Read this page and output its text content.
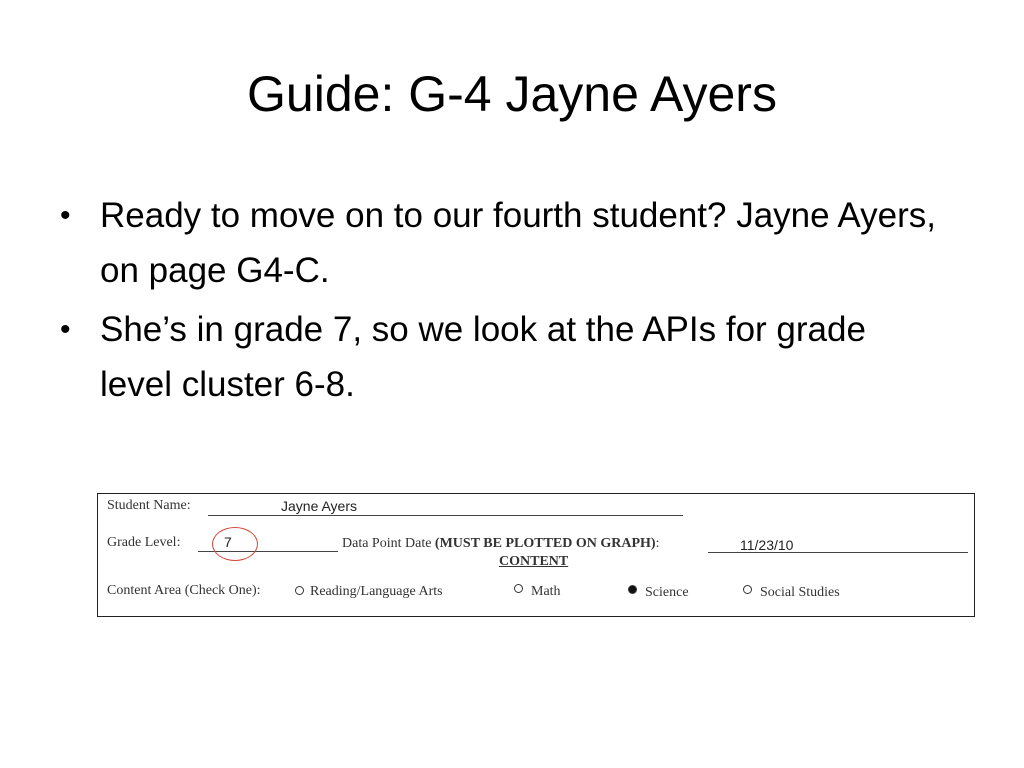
Guide: G-4 Jayne Ayers
• Ready to move on to our fourth student? Jayne Ayers, on page G4-C.
• She’s in grade 7, so we look at the APIs for grade level cluster 6-8.
Student Name:	Jayne Ayers
Grade Level:	7	Data Point Date (MUST BE PLOTTED ON GRAPH):	11/23/10
CONTENT
Content Area (Check One):	Reading/Language Arts	Math	Science	Social Studies
